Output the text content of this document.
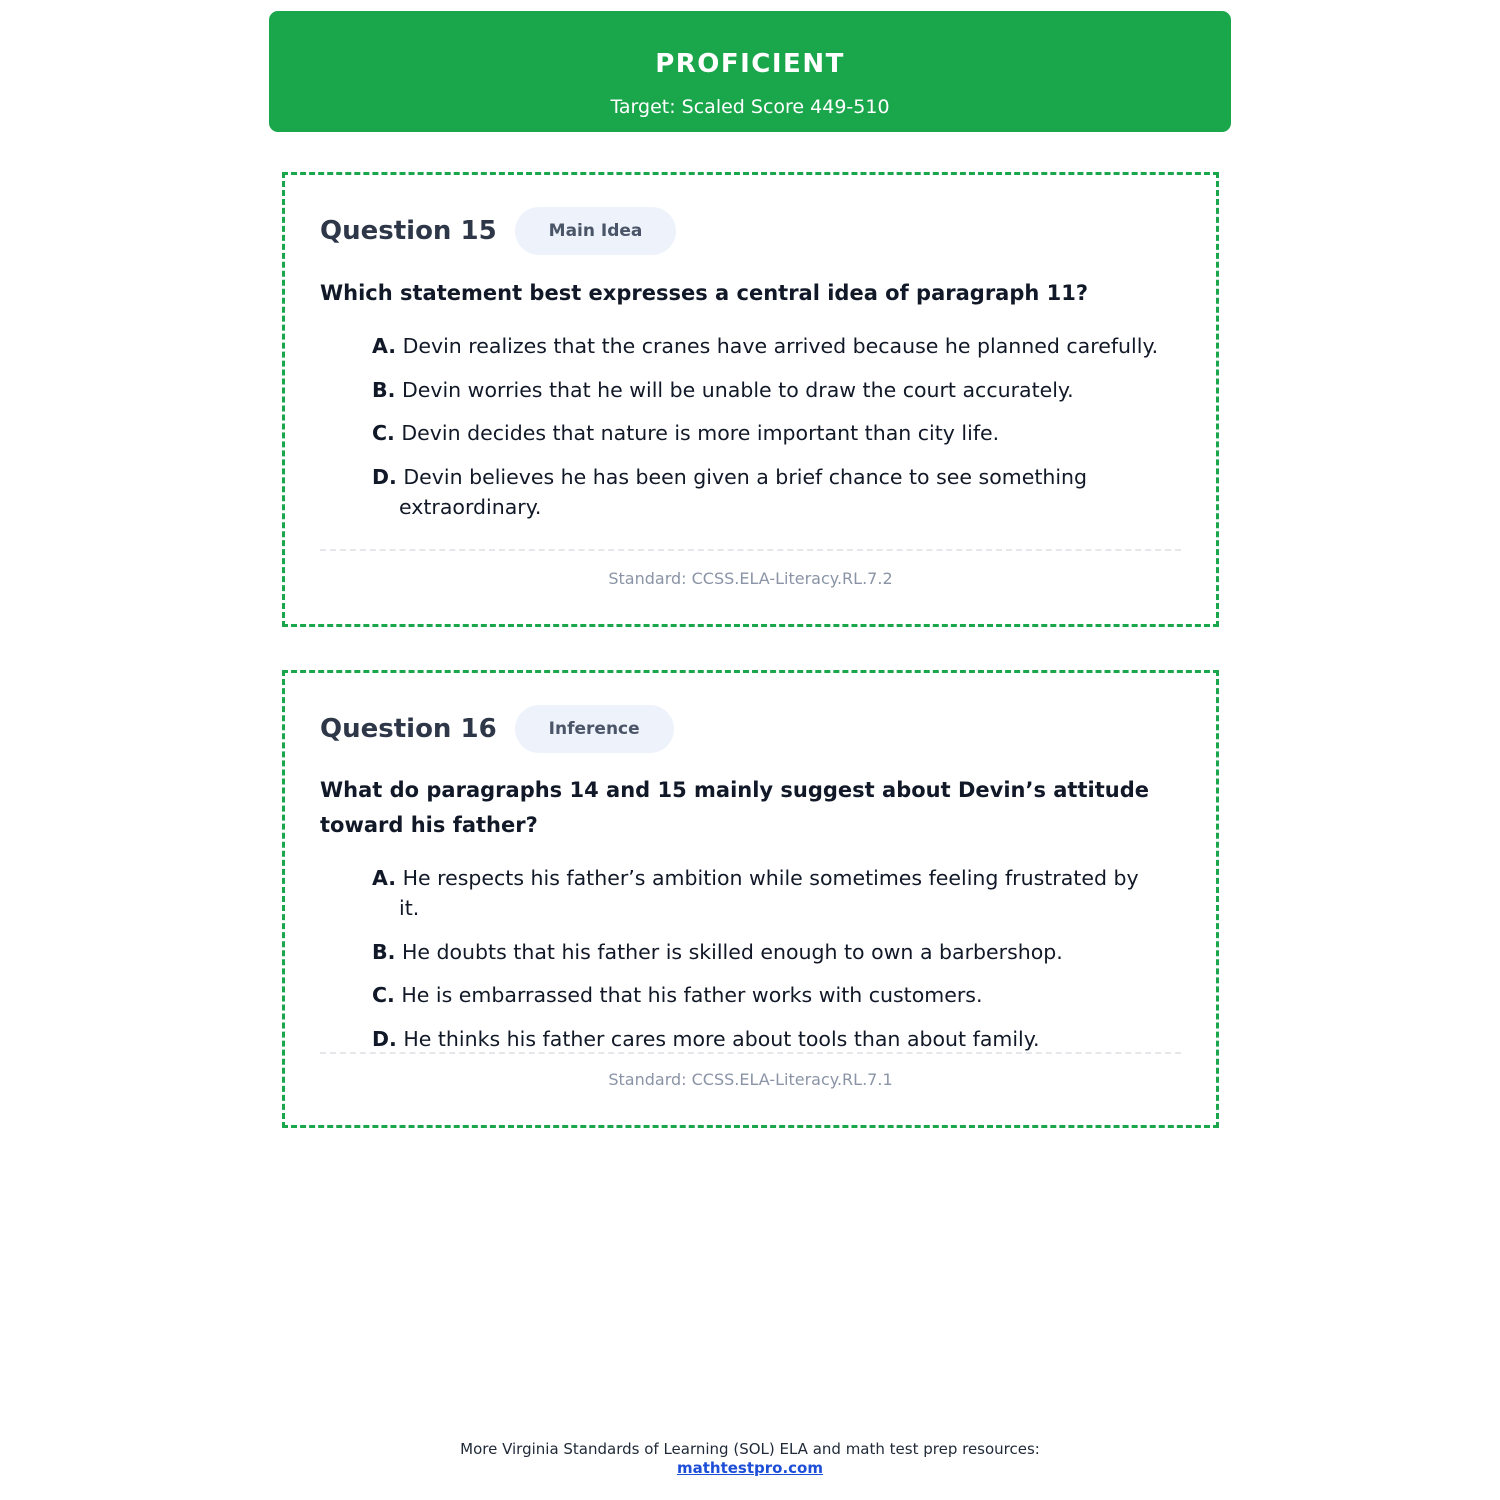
PROFICIENT
Target: Scaled Score 449-510
Question 15	Main Idea
Which statement best expresses a central idea of paragraph 11?
A. Devin realizes that the cranes have arrived because he planned carefully.
B. Devin worries that he will be unable to draw the court accurately.
C. Devin decides that nature is more important than city life.
D. Devin believes he has been given a brief chance to see something extraordinary.
Standard: CCSS.ELA-Literacy.RL.7.2
Question 16	Inference
What do paragraphs 14 and 15 mainly suggest about Devin’s attitude toward his father?
A. He respects his father’s ambition while sometimes feeling frustrated by it.
B. He doubts that his father is skilled enough to own a barbershop.
C. He is embarrassed that his father works with customers.
D. He thinks his father cares more about tools than about family.
Standard: CCSS.ELA-Literacy.RL.7.1
More Virginia Standards of Learning (SOL) ELA and math test prep resources:
mathtestpro.com
